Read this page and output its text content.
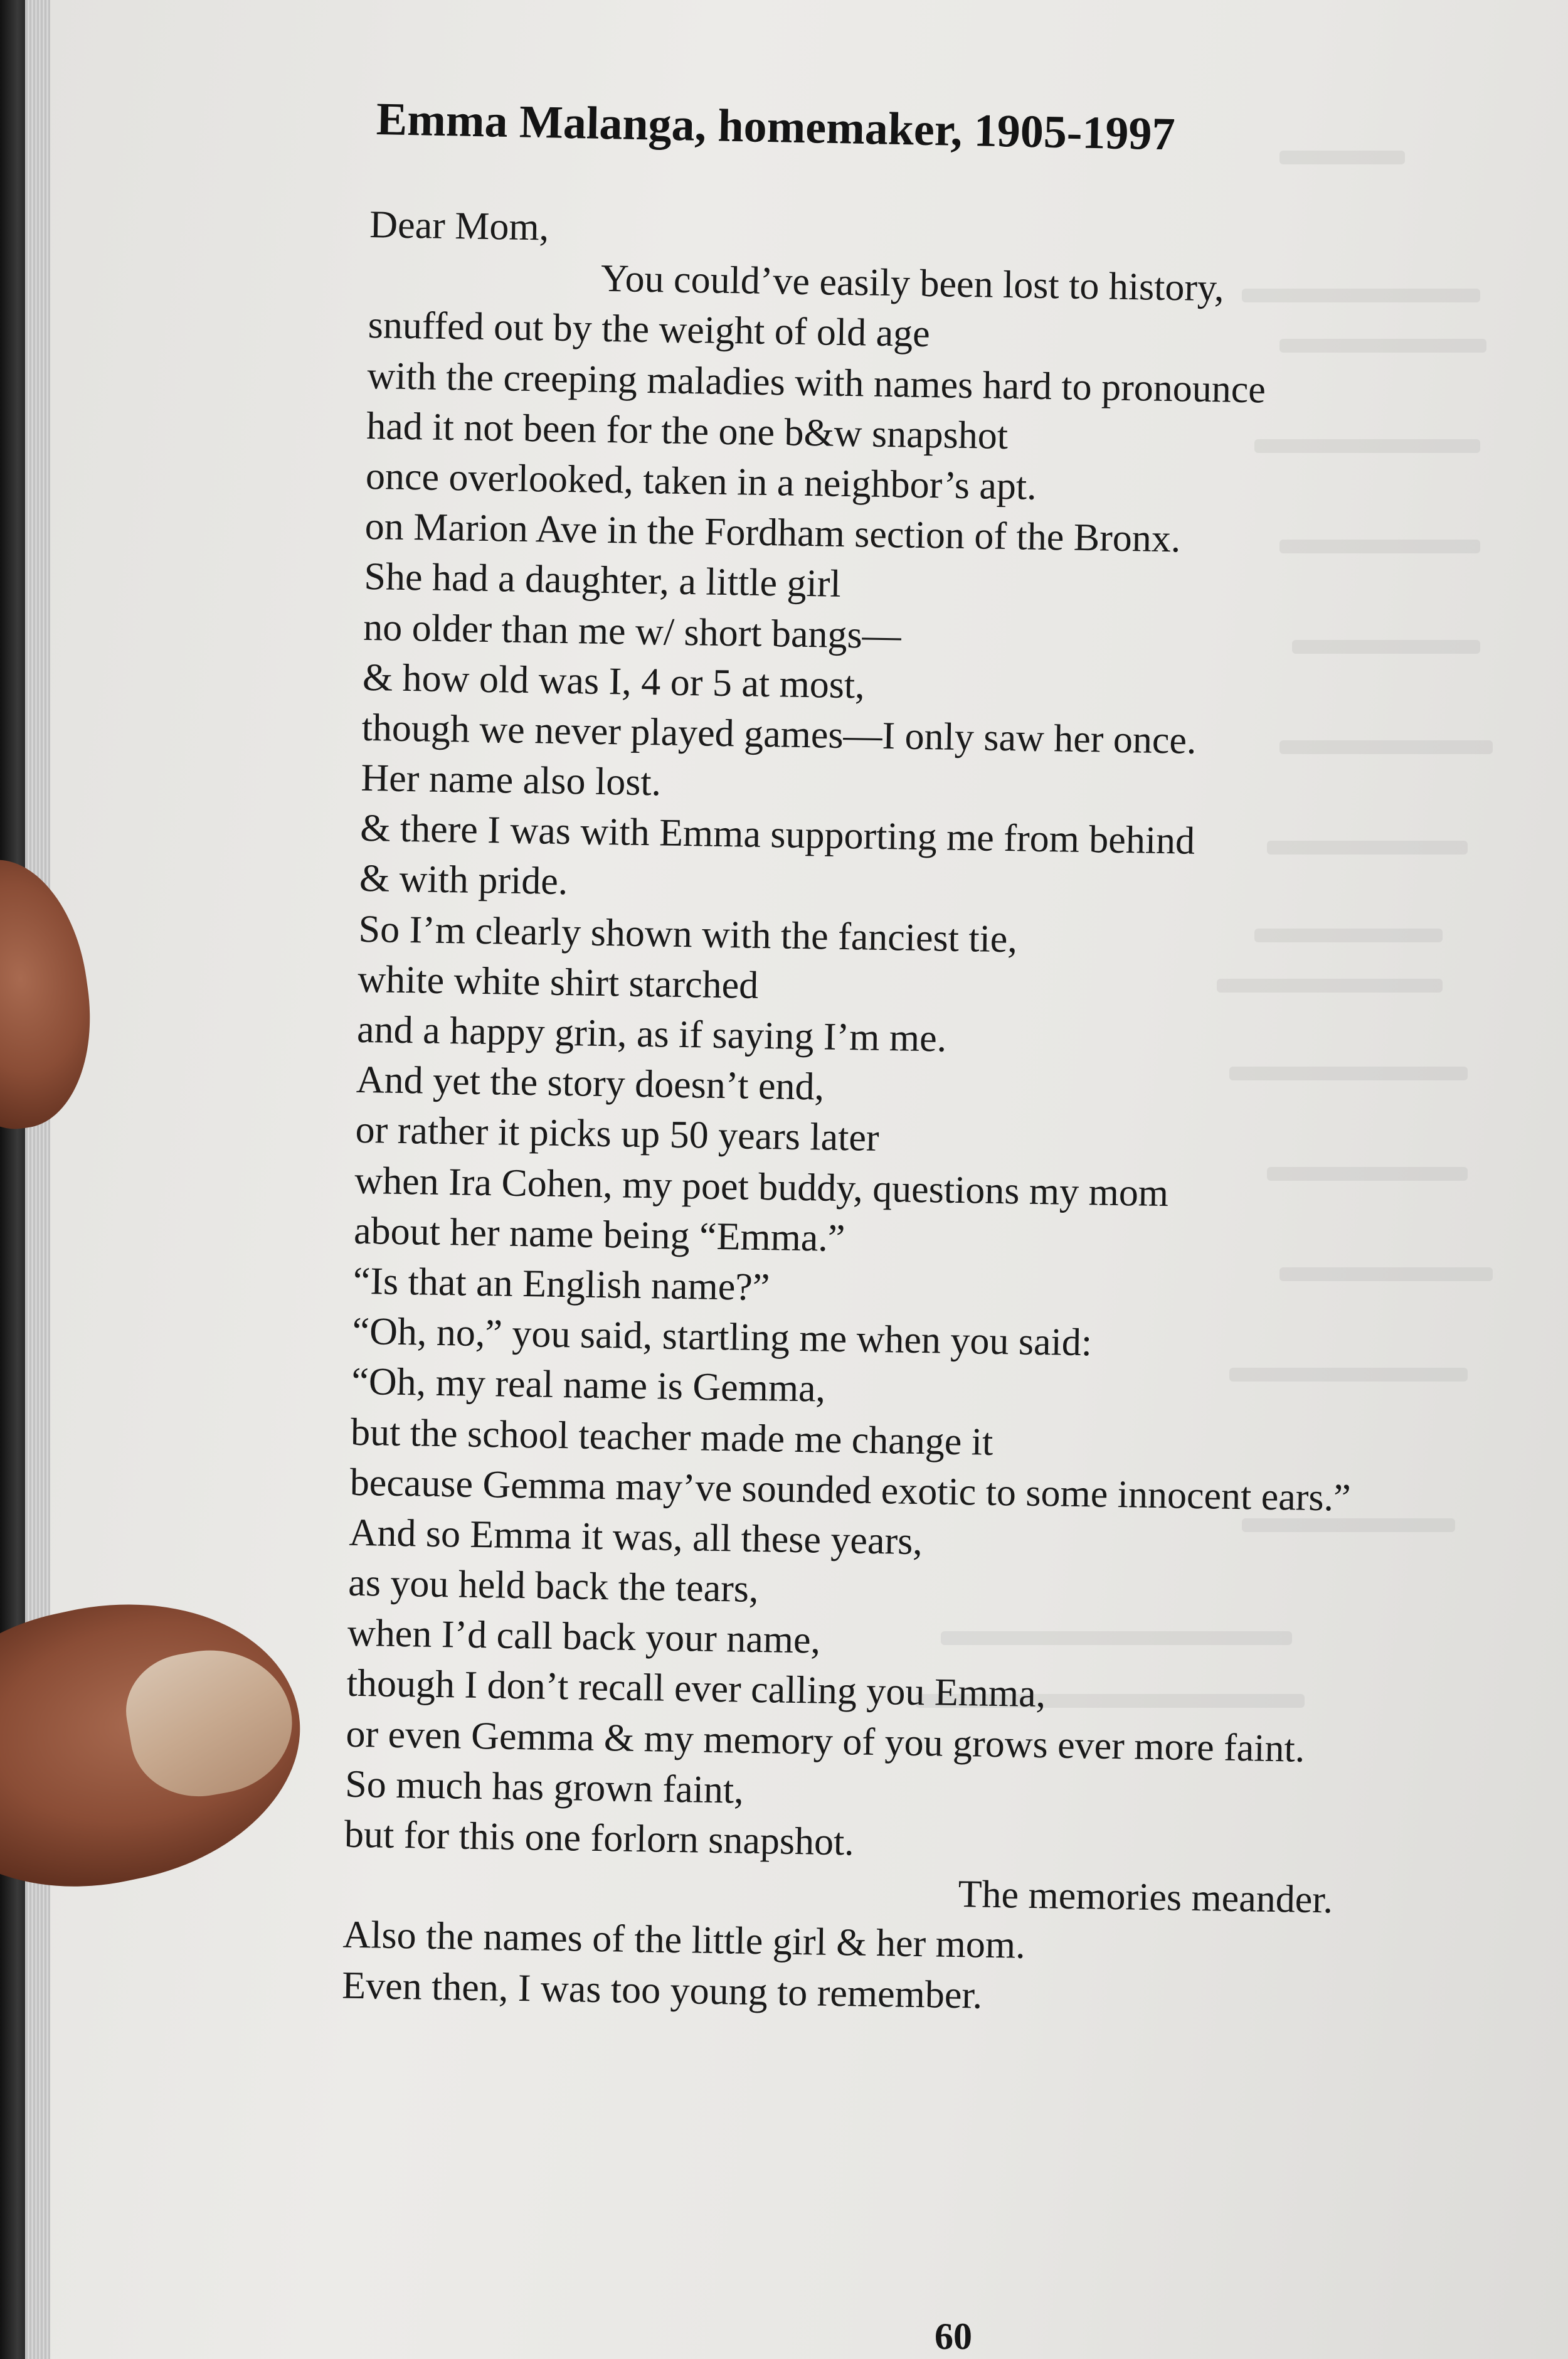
Emma Malanga, homemaker, 1905-1997
Dear Mom,
You could’ve easily been lost to history,
snuffed out by the weight of old age
with the creeping maladies with names hard to pronounce
had it not been for the one b&w snapshot
once overlooked, taken in a neighbor’s apt.
on Marion Ave in the Fordham section of the Bronx.
She had a daughter, a little girl
no older than me w/ short bangs—
& how old was I, 4 or 5 at most,
though we never played games—I only saw her once.
Her name also lost.
& there I was with Emma supporting me from behind
& with pride.
So I’m clearly shown with the fanciest tie,
white white shirt starched
and a happy grin, as if saying I’m me.
And yet the story doesn’t end,
or rather it picks up 50 years later
when Ira Cohen, my poet buddy, questions my mom
about her name being “Emma.”
“Is that an English name?”
“Oh, no,” you said, startling me when you said:
“Oh, my real name is Gemma,
but the school teacher made me change it
because Gemma may’ve sounded exotic to some innocent ears.”
And so Emma it was, all these years,
as you held back the tears,
when I’d call back your name,
though I don’t recall ever calling you Emma,
or even Gemma & my memory of you grows ever more faint.
So much has grown faint,
but for this one forlorn snapshot.
The memories meander.
Also the names of the little girl & her mom.
Even then, I was too young to remember.
60
